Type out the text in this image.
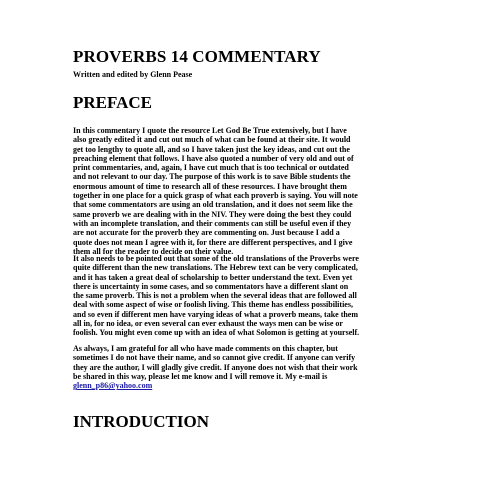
PROVERBS 14 COMMENTARY
Written and edited by Glenn Pease
PREFACE
In this commentary I quote the resource Let God Be True extensively, but I have
also greatly edited it and cut out much of what can be found at their site. It would
get too lengthy to quote all, and so I have taken just the key ideas, and cut out the
preaching element that follows. I have also quoted a number of very old and out of
print commentaries, and, again, I have cut much that is too technical or outdated
and not relevant to our day. The purpose of this work is to save Bible students the
enormous amount of time to research all of these resources. I have brought them
together in one place for a quick grasp of what each proverb is saying. You will note
that some commentators are using an old translation, and it does not seem like the
same proverb we are dealing with in the NIV. They were doing the best they could
with an incomplete translation, and their comments can still be useful even if they
are not accurate for the proverb they are commenting on. Just because I add a
quote does not mean I agree with it, for there are different perspectives, and I give
them all for the reader to decide on their value.
It also needs to be pointed out that some of the old translations of the Proverbs were
quite different than the new translations. The Hebrew text can be very complicated,
and it has taken a great deal of scholarship to better understand the text. Even yet
there is uncertainty in some cases, and so commentators have a different slant on
the same proverb. This is not a problem when the several ideas that are followed all
deal with some aspect of wise or foolish living. This theme has endless possibilities,
and so even if different men have varying ideas of what a proverb means, take them
all in, for no idea, or even several can ever exhaust the ways men can be wise or
foolish. You might even come up with an idea of what Solomon is getting at yourself.
As always, I am grateful for all who have made comments on this chapter, but
sometimes I do not have their name, and so cannot give credit. If anyone can verify
they are the author, I will gladly give credit. If anyone does not wish that their work
be shared in this way, please let me know and I will remove it. My e-mail is
glenn_p86@yahoo.com
INTRODUCTION
